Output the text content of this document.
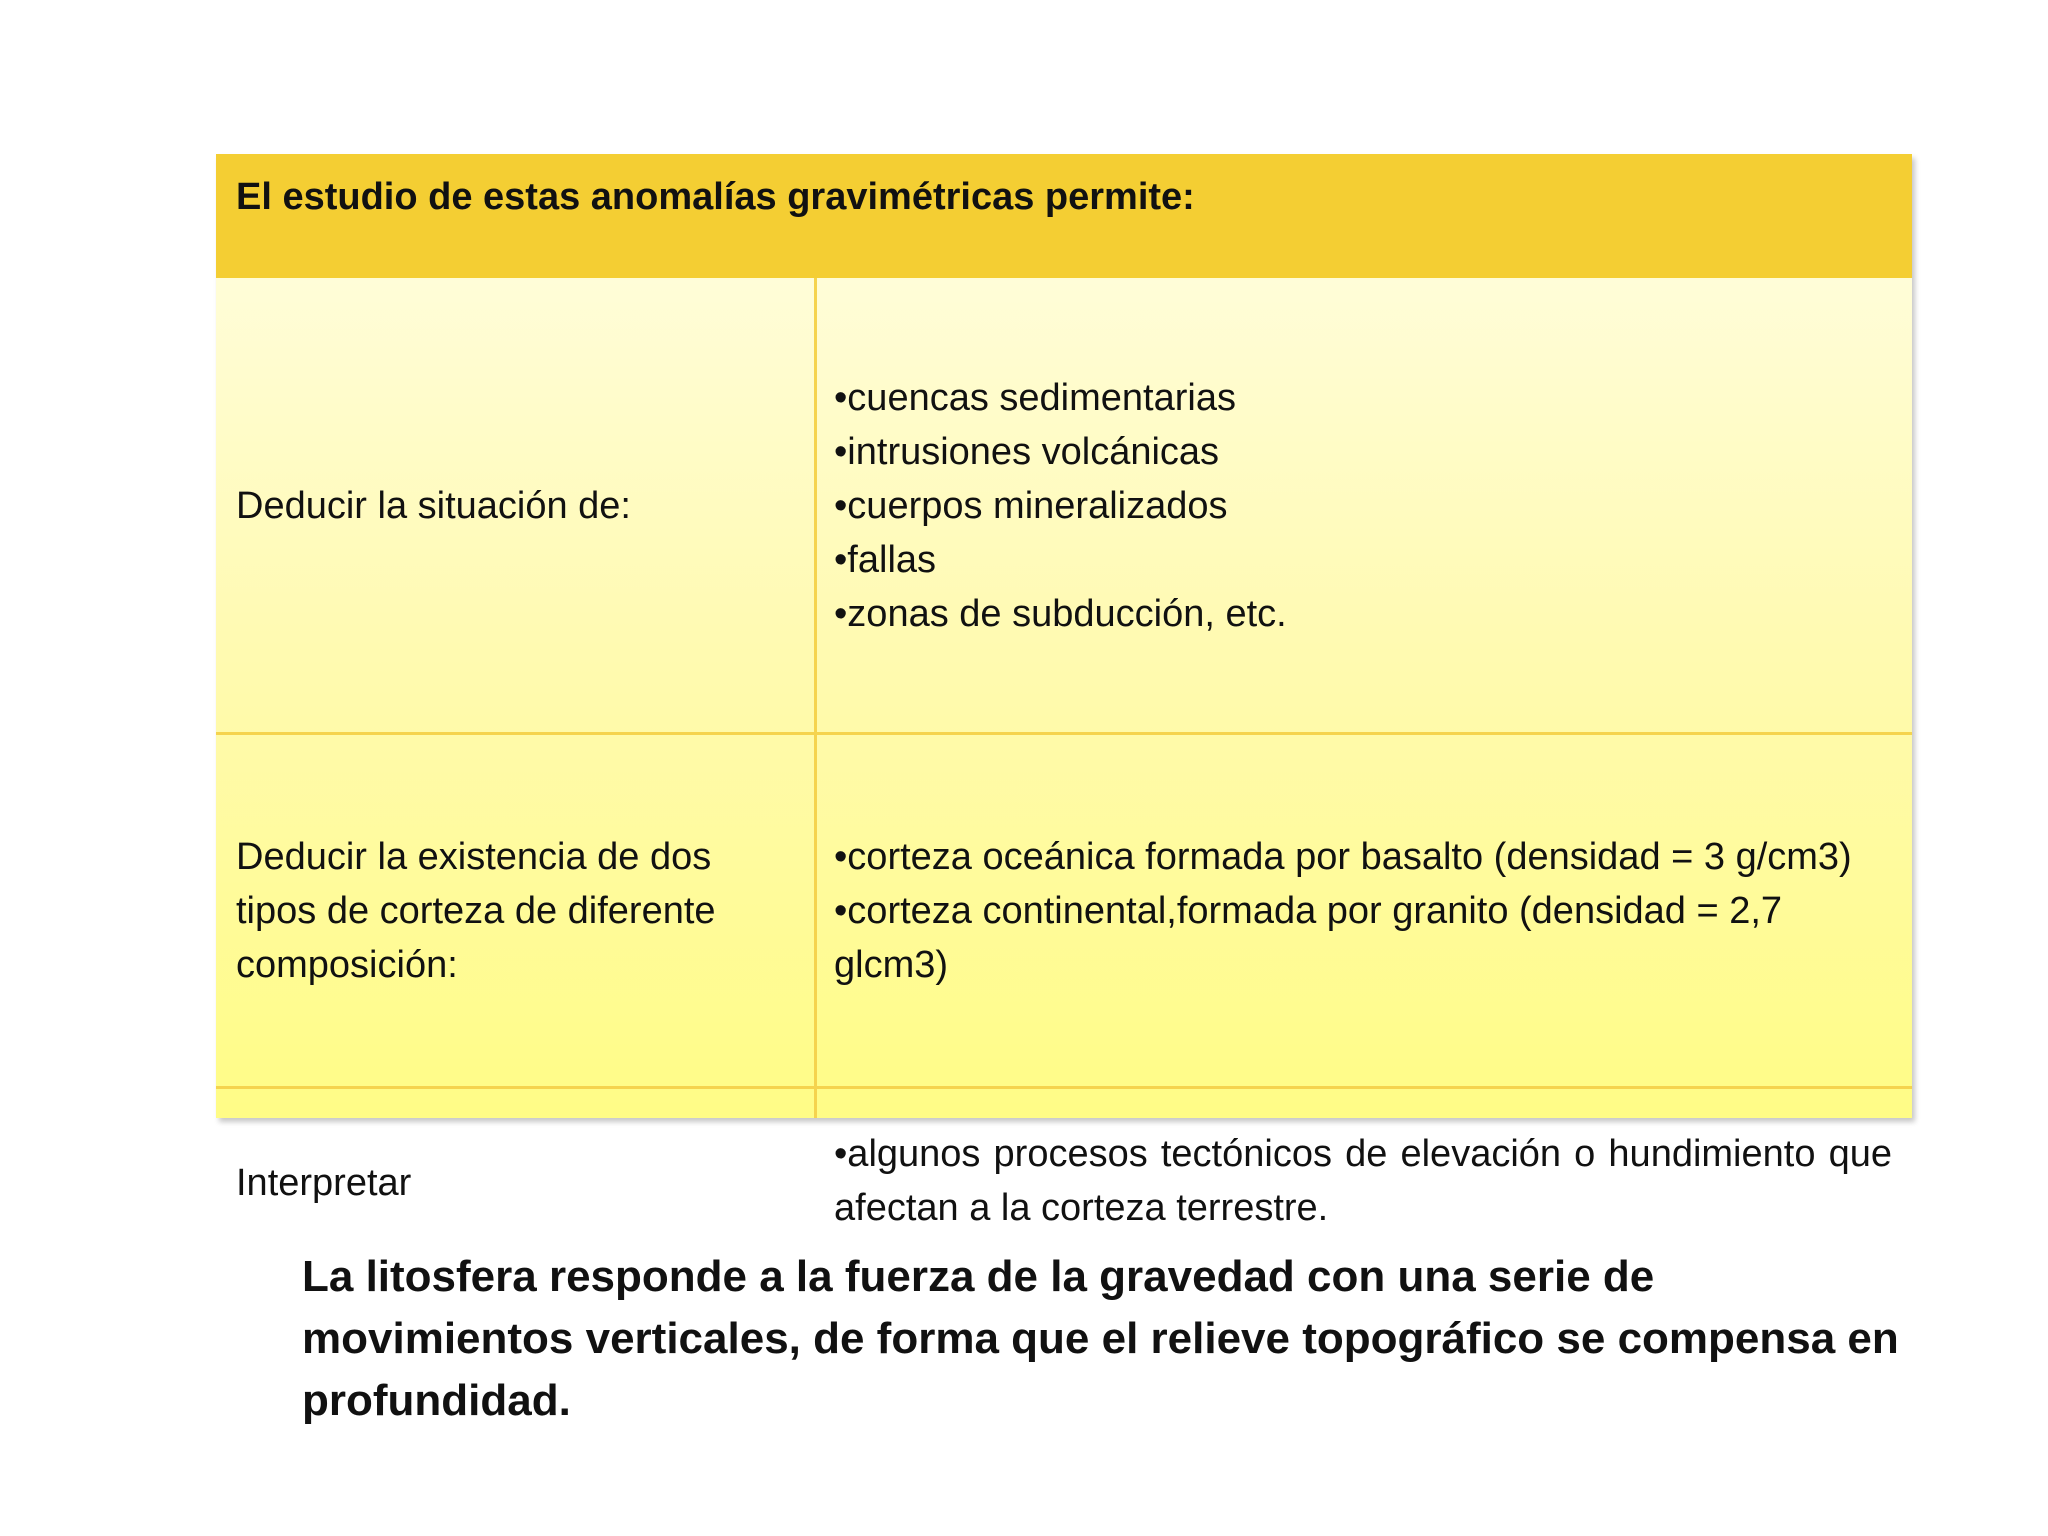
El estudio de estas anomalías gravimétricas permite:
Deducir la situación de:
•cuencas sedimentarias
•intrusiones volcánicas
•cuerpos mineralizados
•fallas
•zonas de subducción, etc.
Deducir la existencia de dos tipos de corteza de diferente composición:
•corteza oceánica formada por basalto (densidad = 3 g/cm3)
•corteza continental,formada por granito (densidad = 2,7 glcm3)
Interpretar
•algunos procesos tectónicos de elevación o hundimiento que afectan a la corteza terrestre.
La litosfera responde a la fuerza de la gravedad con una serie de movimientos verticales, de forma que el relieve topográfico se compensa en profundidad.
